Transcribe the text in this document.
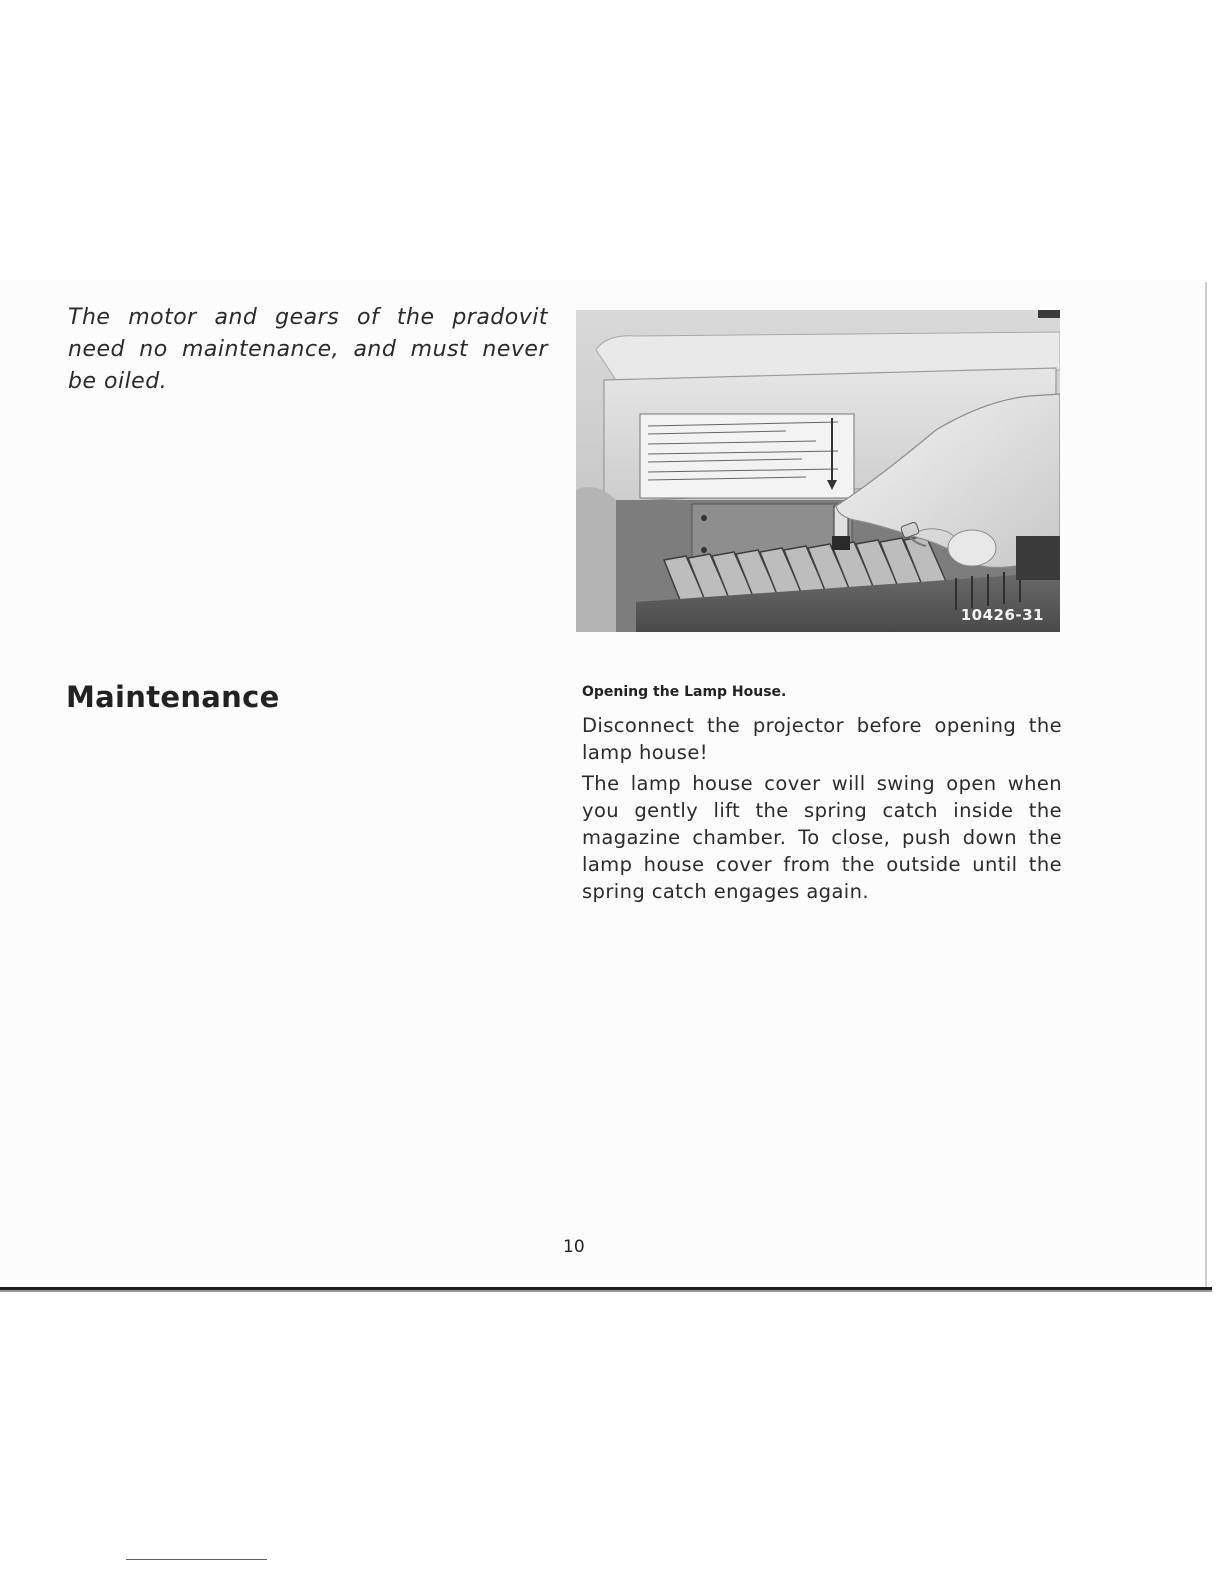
The motor and gears of the pradovit need no maintenance, and must never be oiled.

Maintenance
10426-31
Opening the Lamp House.

Disconnect the projector before opening the lamp house!

The lamp house cover will swing open when you gently lift the spring catch inside the magazine chamber. To close, push down the lamp house cover from the outside until the spring catch engages again.

10
